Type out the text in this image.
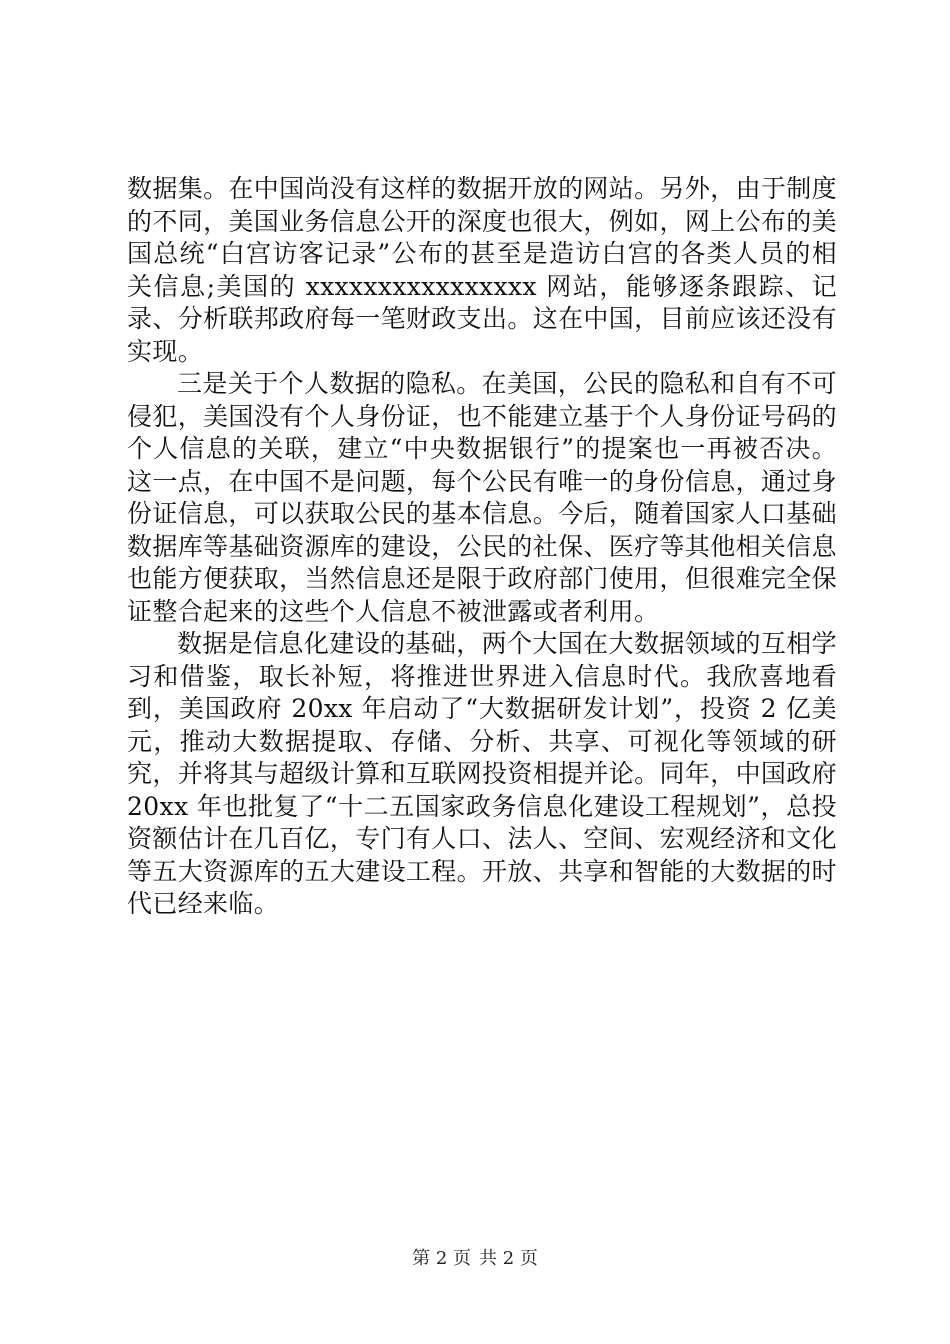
数据集。在中国尚没有这样的数据开放的网站。另外，由于制度的不同，美国业务信息公开的深度也很大，例如，网上公布的美国总统“白宫访客记录”公布的甚至是造访白宫的各类人员的相关信息;美国的 xxxxxxxxxxxxxxxx 网站，能够逐条跟踪、记录、分析联邦政府每一笔财政支出。这在中国，目前应该还没有实现。

三是关于个人数据的隐私。在美国，公民的隐私和自有不可侵犯，美国没有个人身份证，也不能建立基于个人身份证号码的个人信息的关联，建立“中央数据银行”的提案也一再被否决。这一点，在中国不是问题，每个公民有唯一的身份信息，通过身份证信息，可以获取公民的基本信息。今后，随着国家人口基础数据库等基础资源库的建设，公民的社保、医疗等其他相关信息也能方便获取，当然信息还是限于政府部门使用，但很难完全保证整合起来的这些个人信息不被泄露或者利用。

数据是信息化建设的基础，两个大国在大数据领域的互相学习和借鉴，取长补短，将推进世界进入信息时代。我欣喜地看到，美国政府 20xx 年启动了“大数据研发计划”，投资 2 亿美元，推动大数据提取、存储、分析、共享、可视化等领域的研究，并将其与超级计算和互联网投资相提并论。同年，中国政府 20xx 年也批复了“十二五国家政务信息化建设工程规划”，总投资额估计在几百亿，专门有人口、法人、空间、宏观经济和文化等五大资源库的五大建设工程。开放、共享和智能的大数据的时代已经来临。

第 2 页 共 2 页
